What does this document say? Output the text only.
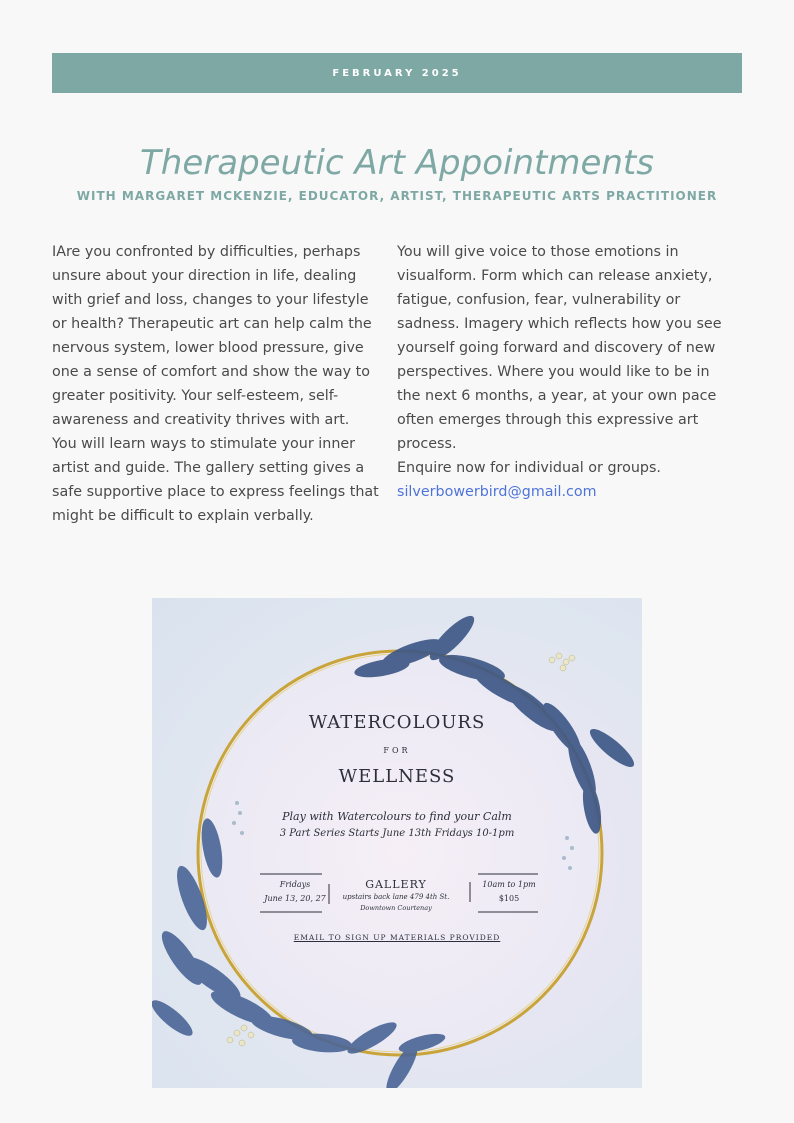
FEBRUARY 2025
Therapeutic Art Appointments
WITH MARGARET MCKENZIE, EDUCATOR, ARTIST, THERAPEUTIC ARTS PRACTITIONER

IAre you confronted by difficulties, perhaps unsure about your direction in life, dealing with grief and loss, changes to your lifestyle or health? Therapeutic art can help calm the nervous system, lower blood pressure, give one a sense of comfort and show the way to greater positivity. Your self-esteem, self-awareness and creativity thrives with art.

You will learn ways to stimulate your inner artist and guide. The gallery setting gives a safe supportive place to express feelings that might be difficult to explain verbally.

You will give voice to those emotions in visualform. Form which can release anxiety, fatigue, confusion, fear, vulnerability or sadness. Imagery which reflects how you see yourself going forward and discovery of new perspectives. Where you would like to be in the next 6 months, a year, at your own pace often emerges through this expressive art process.

Enquire now for individual or groups.

silverbowerbird@gmail.com

WATERCOLOURS
FOR
WELLNESS
Play with Watercolours to find your Calm
3 Part Series Starts June 13th Fridays 10-1pm
Fridays
June 13, 20, 27
GALLERY
upstairs back lane 479 4th St.
Downtown Courtenay
10am to 1pm
$105
EMAIL TO SIGN UP MATERIALS PROVIDED
